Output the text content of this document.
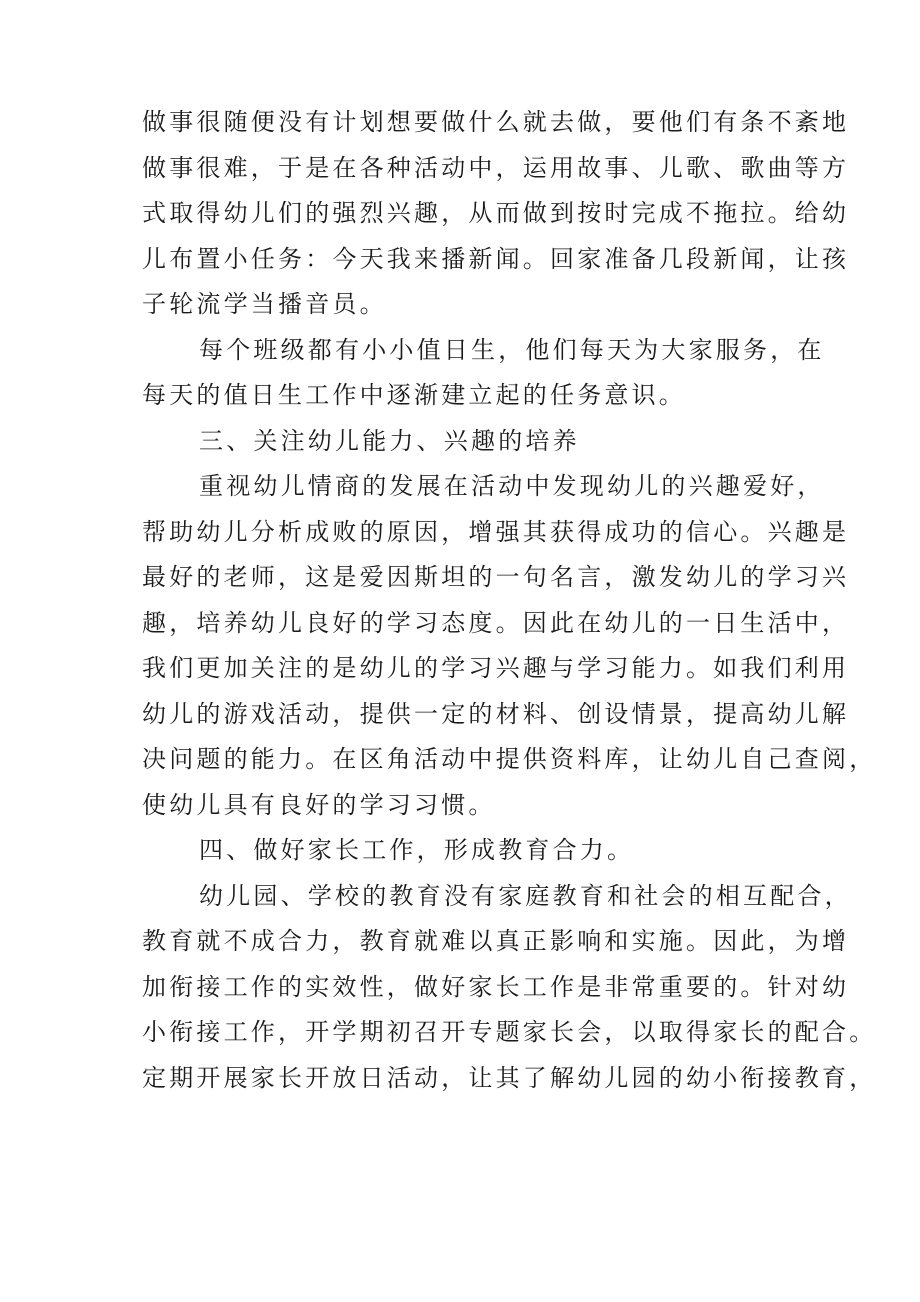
做事很随便没有计划想要做什么就去做，要他们有条不紊地
做事很难，于是在各种活动中，运用故事、儿歌、歌曲等方
式取得幼儿们的强烈兴趣，从而做到按时完成不拖拉。给幼
儿布置小任务：今天我来播新闻。回家准备几段新闻，让孩
子轮流学当播音员。
每个班级都有小小值日生，他们每天为大家服务，在
每天的值日生工作中逐渐建立起的任务意识。
三、关注幼儿能力、兴趣的培养
重视幼儿情商的发展在活动中发现幼儿的兴趣爱好，
帮助幼儿分析成败的原因，增强其获得成功的信心。兴趣是
最好的老师，这是爱因斯坦的一句名言，激发幼儿的学习兴
趣，培养幼儿良好的学习态度。因此在幼儿的一日生活中，
我们更加关注的是幼儿的学习兴趣与学习能力。如我们利用
幼儿的游戏活动，提供一定的材料、创设情景，提高幼儿解
决问题的能力。在区角活动中提供资料库，让幼儿自己查阅，
使幼儿具有良好的学习习惯。
四、做好家长工作，形成教育合力。
幼儿园、学校的教育没有家庭教育和社会的相互配合，
教育就不成合力，教育就难以真正影响和实施。因此，为增
加衔接工作的实效性，做好家长工作是非常重要的。针对幼
小衔接工作，开学期初召开专题家长会，以取得家长的配合。
定期开展家长开放日活动，让其了解幼儿园的幼小衔接教育，
